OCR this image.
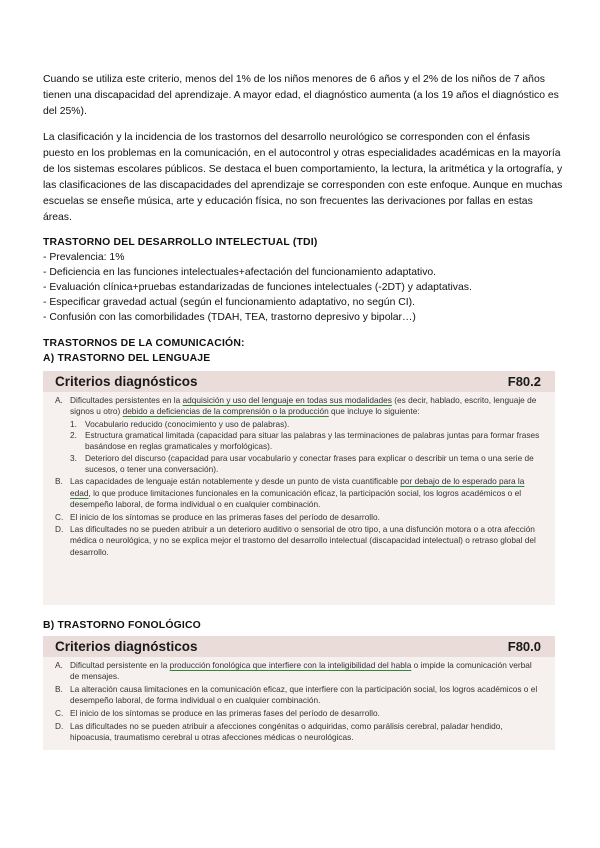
Cuando se utiliza este criterio, menos del 1% de los niños menores de 6 años y el 2% de los niños de 7 años tienen una discapacidad del aprendizaje. A mayor edad, el diagnóstico aumenta (a los 19 años el diagnóstico es del 25%).

La clasificación y la incidencia de los trastornos del desarrollo neurológico se corresponden con el énfasis puesto en los problemas en la comunicación, en el autocontrol y otras especialidades académicas en la mayoría de los sistemas escolares públicos. Se destaca el buen comportamiento, la lectura, la aritmética y la ortografía, y las clasificaciones de las discapacidades del aprendizaje se corresponden con este enfoque. Aunque en muchas escuelas se enseñe música, arte y educación física, no son frecuentes las derivaciones por fallas en estas áreas.

TRASTORNO DEL DESARROLLO INTELECTUAL (TDI)
- Prevalencia: 1%
- Deficiencia en las funciones intelectuales+afectación del funcionamiento adaptativo.
- Evaluación clínica+pruebas estandarizadas de funciones intelectuales (-2DT) y adaptativas.
- Especificar gravedad actual (según el funcionamiento adaptativo, no según CI).
- Confusión con las comorbilidades (TDAH, TEA, trastorno depresivo y bipolar…)
TRASTORNOS DE LA COMUNICACIÓN:
A) TRASTORNO DEL LENGUAJE
Criterios diagnósticos	F80.2
A. Dificultades persistentes en la adquisición y uso del lenguaje en todas sus modalidades (es decir, hablado, escrito, lenguaje de signos u otro) debido a deficiencias de la comprensión o la producción que incluye lo siguiente:
1. Vocabulario reducido (conocimiento y uso de palabras).
2. Estructura gramatical limitada (capacidad para situar las palabras y las terminaciones de palabras juntas para formar frases basándose en reglas gramaticales y morfológicas).
3. Deterioro del discurso (capacidad para usar vocabulario y conectar frases para explicar o describir un tema o una serie de sucesos, o tener una conversación).
B. Las capacidades de lenguaje están notablemente y desde un punto de vista cuantificable por debajo de lo esperado para la edad, lo que produce limitaciones funcionales en la comunicación eficaz, la participación social, los logros académicos o el desempeño laboral, de forma individual o en cualquier combinación.
C. El inicio de los síntomas se produce en las primeras fases del período de desarrollo.
D. Las dificultades no se pueden atribuir a un deterioro auditivo o sensorial de otro tipo, a una disfunción motora o a otra afección médica o neurológica, y no se explica mejor el trastorno del desarrollo intelectual (discapacidad intelectual) o retraso global del desarrollo.
B) TRASTORNO FONOLÓGICO
Criterios diagnósticos	F80.0
A. Dificultad persistente en la producción fonológica que interfiere con la inteligibilidad del habla o impide la comunicación verbal de mensajes.
B. La alteración causa limitaciones en la comunicación eficaz, que interfiere con la participación social, los logros académicos o el desempeño laboral, de forma individual o en cualquier combinación.
C. El inicio de los síntomas se produce en las primeras fases del período de desarrollo.
D. Las dificultades no se pueden atribuir a afecciones congénitas o adquiridas, como parálisis cerebral, paladar hendido, hipoacusia, traumatismo cerebral u otras afecciones médicas o neurológicas.
